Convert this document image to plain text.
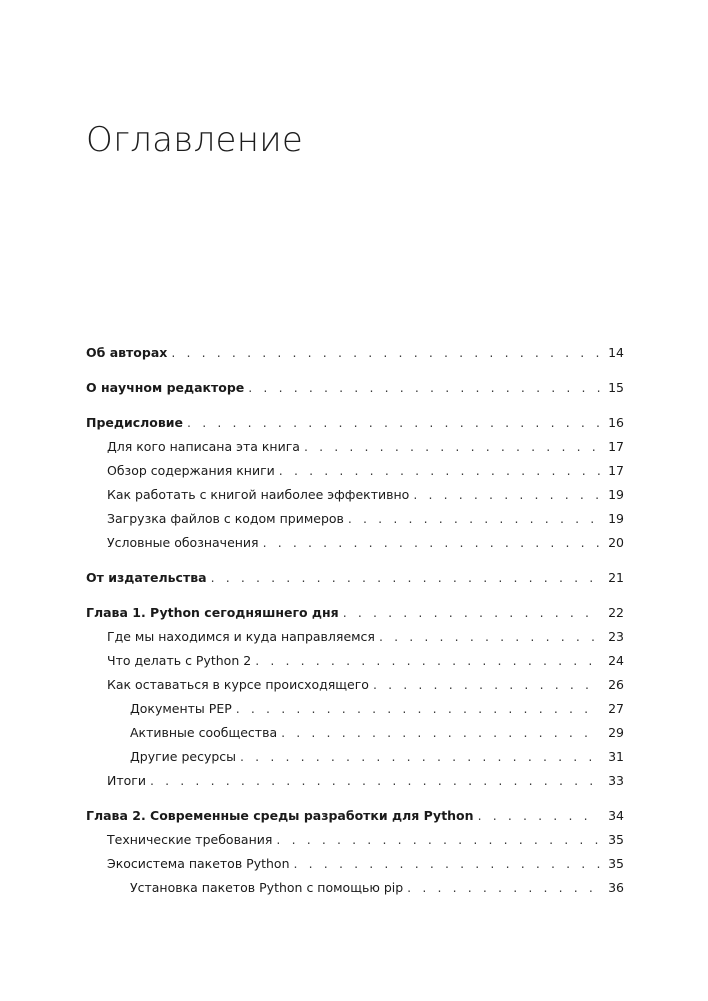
Оглавление
Об авторах . . .	14
О научном редакторе . . .	15
Предисловие . . .	16
Для кого написана эта книга . . .	17
Обзор содержания книги . . .	17
Как работать с книгой наиболее эффективно . . .	19
Загрузка файлов с кодом примеров . . .	19
Условные обозначения . . .	20
От издательства . . .	21
Глава 1. Python сегодняшнего дня . . .	22
Где мы находимся и куда направляемся . . .	23
Что делать с Python 2 . . .	24
Как оставаться в курсе происходящего . . .	26
Документы PEP . . .	27
Активные сообщества . . .	29
Другие ресурсы . . .	31
Итоги . . .	33
Глава 2. Современные среды разработки для Python . . .	34
Технические требования . . .	35
Экосистема пакетов Python . . .	35
Установка пакетов Python с помощью pip . . .	36
